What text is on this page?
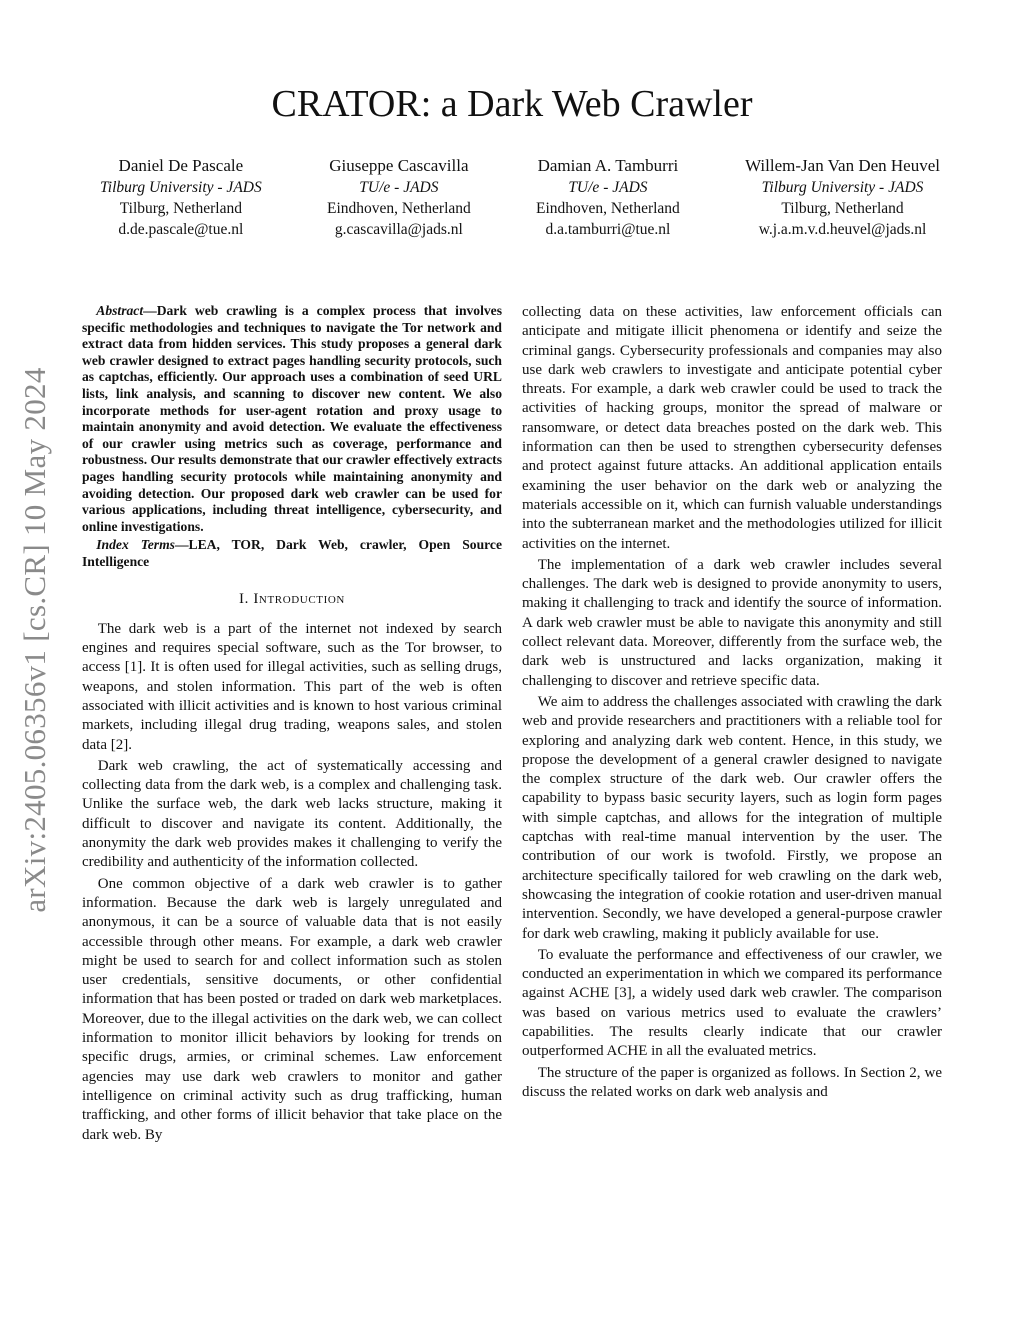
arXiv:2405.06356v1 [cs.CR] 10 May 2024
CRATOR: a Dark Web Crawler
Daniel De Pascale
Tilburg University - JADS
Tilburg, Netherland
d.de.pascale@tue.nl
Giuseppe Cascavilla
TU/e - JADS
Eindhoven, Netherland
g.cascavilla@jads.nl
Damian A. Tamburri
TU/e - JADS
Eindhoven, Netherland
d.a.tamburri@tue.nl
Willem-Jan Van Den Heuvel
Tilburg University - JADS
Tilburg, Netherland
w.j.a.m.v.d.heuvel@jads.nl

Abstract—Dark web crawling is a complex process that involves specific methodologies and techniques to navigate the Tor network and extract data from hidden services. This study proposes a general dark web crawler designed to extract pages handling security protocols, such as captchas, efficiently. Our approach uses a combination of seed URL lists, link analysis, and scanning to discover new content. We also incorporate methods for user-agent rotation and proxy usage to maintain anonymity and avoid detection. We evaluate the effectiveness of our crawler using metrics such as coverage, performance and robustness. Our results demonstrate that our crawler effectively extracts pages handling security protocols while maintaining anonymity and avoiding detection. Our proposed dark web crawler can be used for various applications, including threat intelligence, cybersecurity, and online investigations.

Index Terms—LEA, TOR, Dark Web, crawler, Open Source Intelligence

I. Introduction

The dark web is a part of the internet not indexed by search engines and requires special software, such as the Tor browser, to access [1]. It is often used for illegal activities, such as selling drugs, weapons, and stolen information. This part of the web is often associated with illicit activities and is known to host various criminal markets, including illegal drug trading, weapons sales, and stolen data [2].

Dark web crawling, the act of systematically accessing and collecting data from the dark web, is a complex and challenging task. Unlike the surface web, the dark web lacks structure, making it difficult to discover and navigate its content. Additionally, the anonymity the dark web provides makes it challenging to verify the credibility and authenticity of the information collected.

One common objective of a dark web crawler is to gather information. Because the dark web is largely unregulated and anonymous, it can be a source of valuable data that is not easily accessible through other means. For example, a dark web crawler might be used to search for and collect information such as stolen user credentials, sensitive documents, or other confidential information that has been posted or traded on dark web marketplaces. Moreover, due to the illegal activities on the dark web, we can collect information to monitor illicit behaviors by looking for trends on specific drugs, armies, or criminal schemes. Law enforcement agencies may use dark web crawlers to monitor and gather intelligence on criminal activity such as drug trafficking, human trafficking, and other forms of illicit behavior that take place on the dark web. By

collecting data on these activities, law enforcement officials can anticipate and mitigate illicit phenomena or identify and seize the criminal gangs. Cybersecurity professionals and companies may also use dark web crawlers to investigate and anticipate potential cyber threats. For example, a dark web crawler could be used to track the activities of hacking groups, monitor the spread of malware or ransomware, or detect data breaches posted on the dark web. This information can then be used to strengthen cybersecurity defenses and protect against future attacks. An additional application entails examining the user behavior on the dark web or analyzing the materials accessible on it, which can furnish valuable understandings into the subterranean market and the methodologies utilized for illicit activities on the internet.

The implementation of a dark web crawler includes several challenges. The dark web is designed to provide anonymity to users, making it challenging to track and identify the source of information. A dark web crawler must be able to navigate this anonymity and still collect relevant data. Moreover, differently from the surface web, the dark web is unstructured and lacks organization, making it challenging to discover and retrieve specific data.

We aim to address the challenges associated with crawling the dark web and provide researchers and practitioners with a reliable tool for exploring and analyzing dark web content. Hence, in this study, we propose the development of a general crawler designed to navigate the complex structure of the dark web. Our crawler offers the capability to bypass basic security layers, such as login form pages with simple captchas, and allows for the integration of multiple captchas with real-time manual intervention by the user. The contribution of our work is twofold. Firstly, we propose an architecture specifically tailored for web crawling on the dark web, showcasing the integration of cookie rotation and user-driven manual intervention. Secondly, we have developed a general-purpose crawler for dark web crawling, making it publicly available for use.

To evaluate the performance and effectiveness of our crawler, we conducted an experimentation in which we compared its performance against ACHE [3], a widely used dark web crawler. The comparison was based on various metrics used to evaluate the crawlers’ capabilities. The results clearly indicate that our crawler outperformed ACHE in all the evaluated metrics.

The structure of the paper is organized as follows. In Section 2, we discuss the related works on dark web analysis and
